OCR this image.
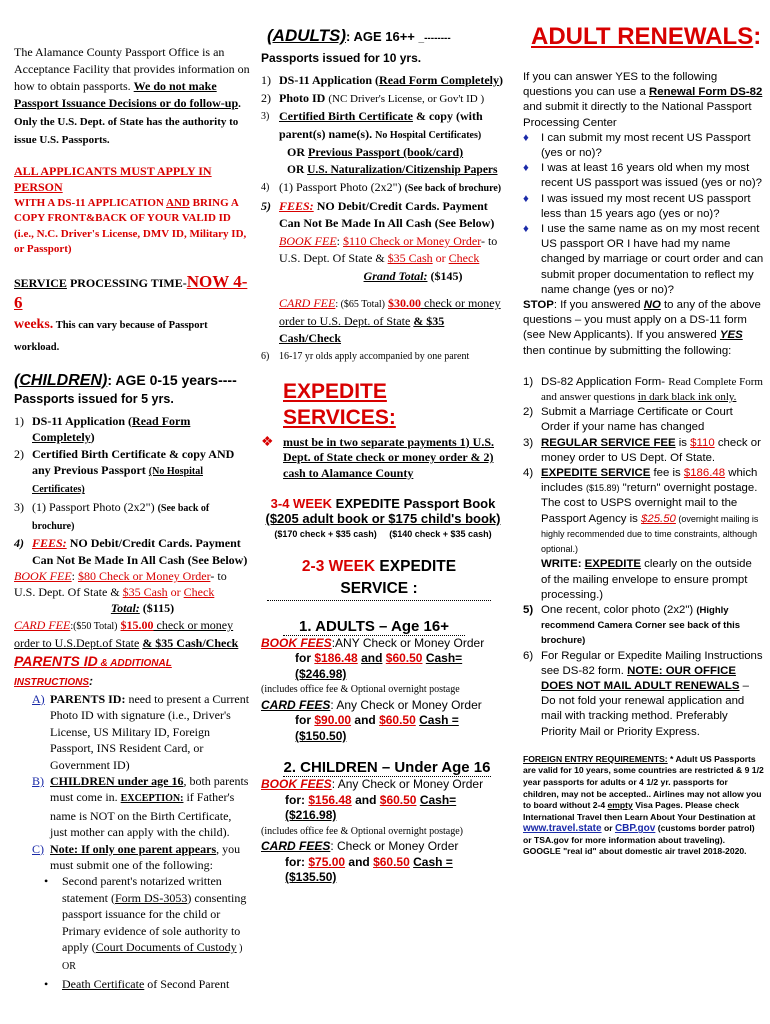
The Alamance County Passport Office is an Acceptance Facility that provides information on how to obtain passports. We do not make Passport Issuance Decisions or do follow-up. Only the U.S. Dept. of State has the authority to issue U.S. Passports.

ALL APPLICANTS MUST APPLY IN PERSON

WITH A DS-11 APPLICATION AND BRING A COPY FRONT&BACK OF YOUR VALID ID (i.e., N.C. Driver's License, DMV ID, Military ID, or Passport)

SERVICE PROCESSING TIME-NOW 4-6
weeks. This can vary because of Passport workload.

(CHILDREN): AGE 0-15 years----

Passports issued for 5 yrs.

1) DS-11 Application (Read Form Completely)
2) Certified Birth Certificate & copy AND any Previous Passport (No Hospital Certificates)
3) (1) Passport Photo (2x2") (See back of brochure)
4) FEES: NO Debit/Credit Cards. Payment Can Not Be Made In All Cash (See Below)

BOOK FEE: $80 Check or Money Order- to U.S. Dept. Of State & $35 Cash or Check

Total: ($115)

CARD FEE:($50 Total) $15.00 check or money order to U.S.Dept.of State & $35 Cash/Check

PARENTS ID & ADDITIONAL INSTRUCTIONS:

A) PARENTS ID: need to present a Current Photo ID with signature (i.e., Driver's License, US Military ID, Foreign Passport, INS Resident Card, or Government ID)
B) CHILDREN under age 16, both parents must come in. EXCEPTION: if Father's name is NOT on the Birth Certificate, just mother can apply with the child).
C) Note: If only one parent appears, you must submit one of the following:
•	Second parent's notarized written statement (Form DS-3053) consenting passport issuance for the child or Primary evidence of sole authority to apply (Court Documents of Custody ) OR
•	Death Certificate of Second Parent

(ADULTS): AGE 16++ _--------

Passports issued for 10 yrs.

1) DS-11 Application (Read Form Completely)
2) Photo ID (NC Driver's License, or Gov't ID )
3) Certified Birth Certificate & copy (with parent(s) name(s). No Hospital Certificates)

OR Previous Passport (book/card)

OR U.S. Naturalization/Citizenship Papers

4) (1) Passport Photo (2x2") (See back of brochure)
5) FEES: NO Debit/Credit Cards. Payment Can Not Be Made In All Cash (See Below)

BOOK FEE: $110 Check or Money Order- to U.S. Dept. Of State & $35 Cash or Check

Grand Total: ($145)

CARD FEE: ($65 Total) $30.00 check or money order to U.S. Dept. of State & $35 Cash/Check

6) 16-17 yr olds apply accompanied by one parent

EXPEDITE SERVICES:

❖ must be in two separate payments 1) U.S. Dept. of State check or money order & 2) cash to Alamance County

3-4 WEEK EXPEDITE Passport Book

($205 adult book or $175 child's book)

($170 check + $35 cash) ($140 check + $35 cash)

2-3 WEEK EXPEDITE SERVICE :

1. ADULTS – Age 16+

BOOK FEES:ANY Check or Money Order

for $186.48 and $60.50 Cash=($246.98)

(includes office fee & Optional overnight postage

CARD FEES: Any Check or Money Order

for $90.00 and $60.50 Cash = ($150.50)

2. CHILDREN – Under Age 16

BOOK FEES: Any Check or Money Order

for: $156.48 and $60.50 Cash=($216.98)

(includes office fee & Optional overnight postage)

CARD FEES: Check or Money Order

for: $75.00 and $60.50 Cash = ($135.50)

ADULT RENEWALS:

If you can answer YES to the following questions you can use a Renewal Form DS-82 and submit it directly to the National Passport Processing Center

♦	I can submit my most recent US Passport (yes or no)?
♦	I was at least 16 years old when my most recent US passport was issued (yes or no)?
♦	I was issued my most recent US passport less than 15 years ago (yes or no)?
♦	I use the same name as on my most recent US passport OR I have had my name changed by marriage or court order and can submit proper documentation to reflect my name change (yes or no)?

STOP: If you answered NO to any of the above questions – you must apply on a DS-11 form (see New Applicants). If you answered YES then continue by submitting the following:

1) DS-82 Application Form- Read Complete Form and answer questions in dark black ink only.
2) Submit a Marriage Certificate or Court Order if your name has changed
3) REGULAR SERVICE FEE is $110 check or money order to US Dept. Of State.
4) EXPEDITE SERVICE fee is $186.48 which includes ($15.89) "return" overnight postage. The cost to USPS overnight mail to the Passport Agency is $25.50 (overnight mailing is highly recommended due to time constraints, although optional.)
WRITE: EXPEDITE clearly on the outside of the mailing envelope to ensure prompt processing.)
5) One recent, color photo (2x2") (Highly recommend Camera Corner see back of this brochure)
6) For Regular or Expedite Mailing Instructions see DS-82 form. NOTE: OUR OFFICE DOES NOT MAIL ADULT RENEWALS – Do not fold your renewal application and mail with tracking method. Preferably Priority Mail or Priority Express.

FOREIGN ENTRY REQUIREMENTS: * Adult US Passports are valid for 10 years, some countries are restricted & 9 1/2 year passports for adults or 4 1/2 yr. passports for children, may not be accepted.. Airlines may not allow you to board without 2-4 empty Visa Pages. Please check International Travel then Learn About Your Destination at www.travel.state or CBP.gov (customs border patrol) or TSA.gov for more information about traveling). GOOGLE "real id" about domestic air travel 2018-2020.
